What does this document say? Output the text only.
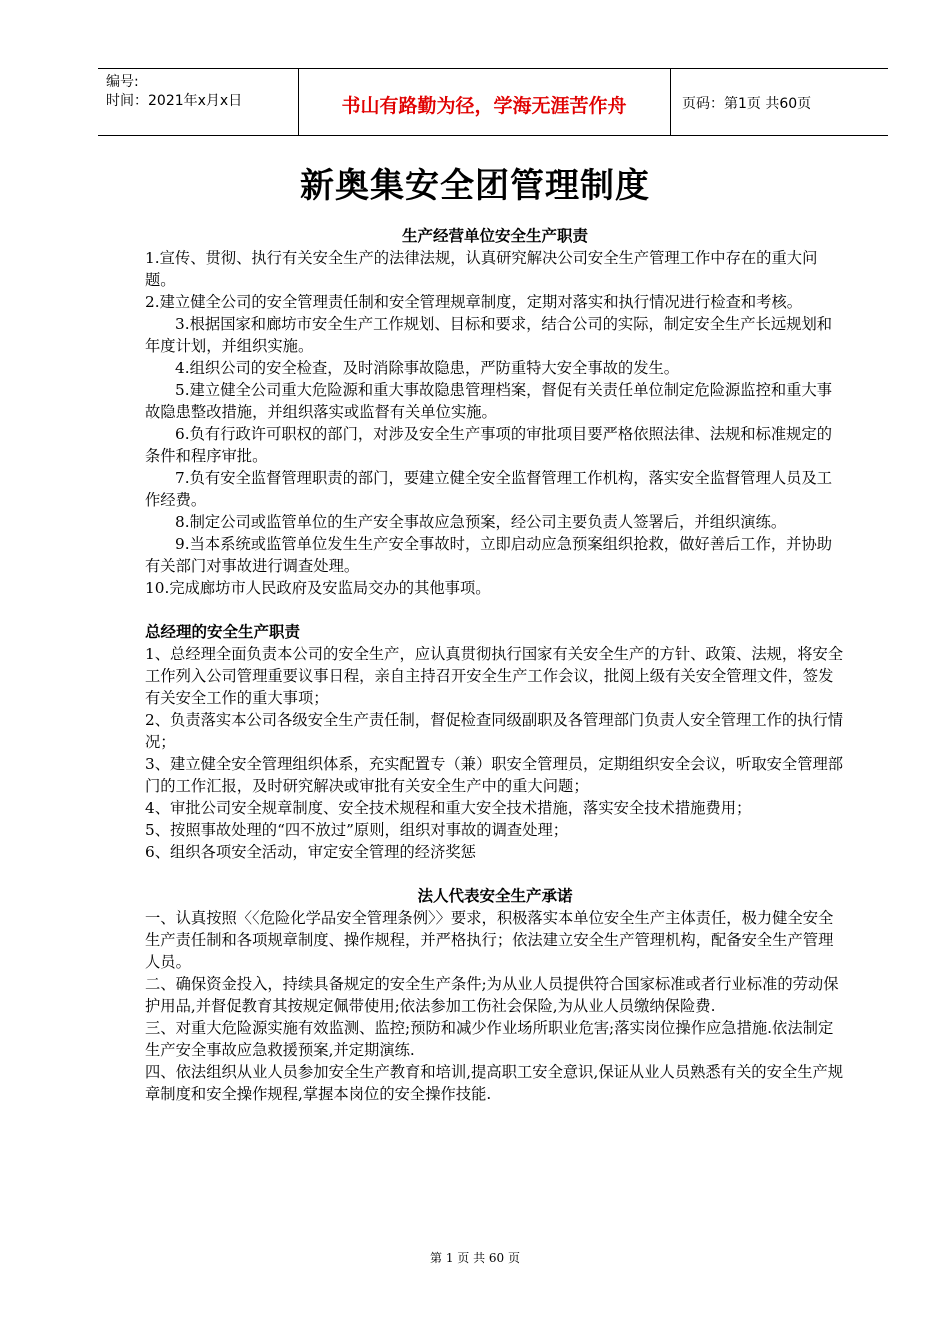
编号:
时间：2021年x月x日	书山有路勤为径，学海无涯苦作舟	页码：第1页 共60页
新奥集安全团管理制度

生产经营单位安全生产职责

1.宣传、贯彻、执行有关安全生产的法律法规，认真研究解决公司安全生产管理工作中存在的重大问题。

2.建立健全公司的安全管理责任制和安全管理规章制度，定期对落实和执行情况进行检查和考核。

3.根据国家和廊坊市安全生产工作规划、目标和要求，结合公司的实际，制定安全生产长远规划和年度计划，并组织实施。

4.组织公司的安全检查，及时消除事故隐患，严防重特大安全事故的发生。

5.建立健全公司重大危险源和重大事故隐患管理档案，督促有关责任单位制定危险源监控和重大事故隐患整改措施，并组织落实或监督有关单位实施。

6.负有行政许可职权的部门，对涉及安全生产事项的审批项目要严格依照法律、法规和标准规定的条件和程序审批。

7.负有安全监督管理职责的部门，要建立健全安全监督管理工作机构，落实安全监督管理人员及工作经费。

8.制定公司或监管单位的生产安全事故应急预案，经公司主要负责人签署后，并组织演练。

9.当本系统或监管单位发生生产安全事故时，立即启动应急预案组织抢救，做好善后工作，并协助有关部门对事故进行调查处理。

10.完成廊坊市人民政府及安监局交办的其他事项。

总经理的安全生产职责

1、总经理全面负责本公司的安全生产，应认真贯彻执行国家有关安全生产的方针、政策、法规，将安全工作列入公司管理重要议事日程，亲自主持召开安全生产工作会议，批阅上级有关安全管理文件，签发有关安全工作的重大事项；

2、负责落实本公司各级安全生产责任制，督促检查同级副职及各管理部门负责人安全管理工作的执行情况；

3、建立健全安全管理组织体系，充实配置专（兼）职安全管理员，定期组织安全会议，听取安全管理部门的工作汇报，及时研究解决或审批有关安全生产中的重大问题；

4、审批公司安全规章制度、安全技术规程和重大安全技术措施，落实安全技术措施费用；

5、按照事故处理的“四不放过”原则，组织对事故的调查处理；

6、组织各项安全活动，审定安全管理的经济奖惩

法人代表安全生产承诺

一、认真按照〈〈危险化学品安全管理条例〉〉要求，积极落实本单位安全生产主体责任，极力健全安全生产责任制和各项规章制度、操作规程，并严格执行；依法建立安全生产管理机构，配备安全生产管理人员。

二、确保资金投入，持续具备规定的安全生产条件;为从业人员提供符合国家标准或者行业标准的劳动保护用品,并督促教育其按规定佩带使用;依法参加工伤社会保险,为从业人员缴纳保险费.

三、对重大危险源实施有效监测、监控;预防和减少作业场所职业危害;落实岗位操作应急措施.依法制定生产安全事故应急救援预案,并定期演练.

四、依法组织从业人员参加安全生产教育和培训,提高职工安全意识,保证从业人员熟悉有关的安全生产规章制度和安全操作规程,掌握本岗位的安全操作技能.

第 1 页 共 60 页
